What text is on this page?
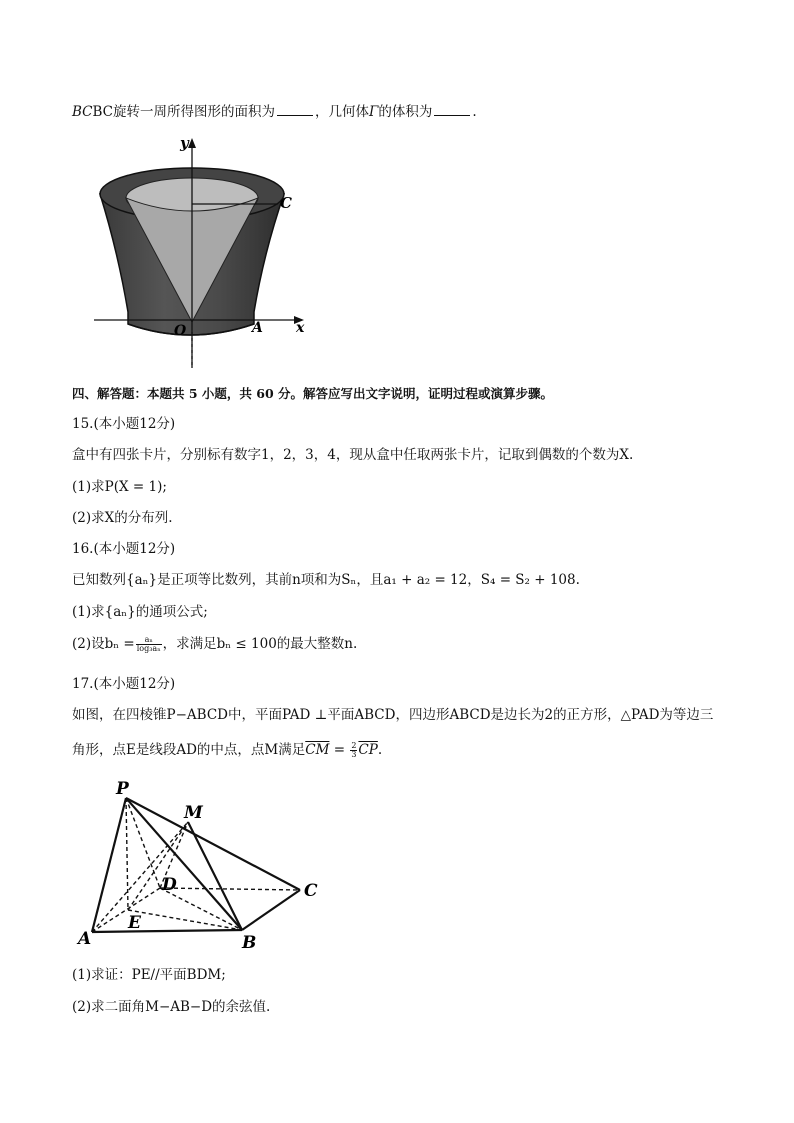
BCBC旋转一周所得图形的面积为	，几何体Γ的体积为	.
y
C
O	A x
四、解答题：本题共 5 小题，共 60 分。解答应写出文字说明，证明过程或演算步骤。
15.(本小题12分)
盒中有四张卡片，分别标有数字1，2，3，4，现从盒中任取两张卡片，记取到偶数的个数为X.
(1)求P(X = 1);
(2)求X的分布列.
16.(本小题12分)
已知数列{aₙ}是正项等比数列，其前n项和为Sₙ，且a₁ + a₂ = 12，S₄ = S₂ + 108.
(1)求{aₙ}的通项公式;
(2)设$b_n = \frac{\text{aₙ}}{\text{log₃aₙ}}$ ，求满足bₙ ≤ 100的最大整数n.
17.(本小题12分)
如图，在四棱锥P−ABCD中，平面PAD ⊥平面ABCD，四边形ABCD是边长为2的正方形，△PAD为等边三
角形，点E是线段AD的中点，点M满足$\overline{CM} = \frac{2}{3} \overline{CP}$.
P
M
D	C
E
A	B
(1)求证：PE//平面BDM;
(2)求二面角M−AB−D的余弦值.
